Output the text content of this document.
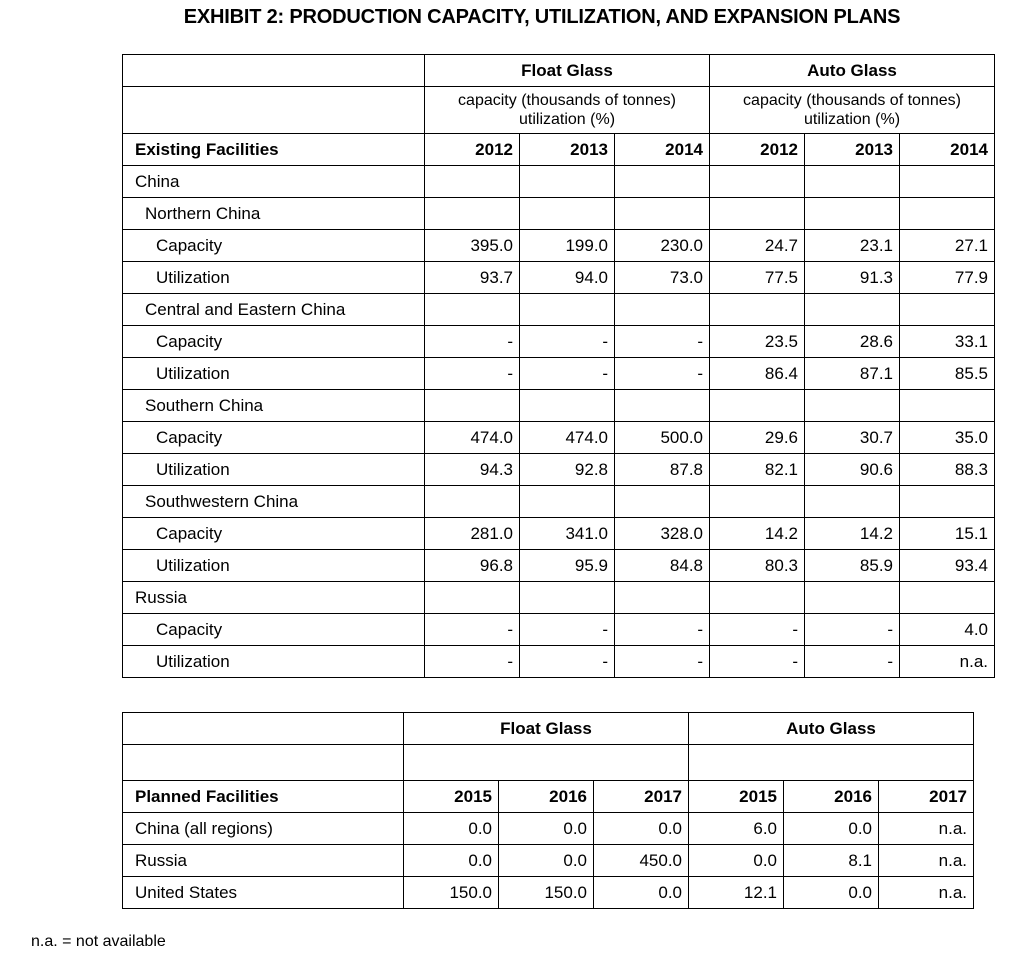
EXHIBIT 2: PRODUCTION CAPACITY, UTILIZATION, AND EXPANSION PLANS
	Float Glass			Auto Glass		

capacity (thousands of tonnes)
utilization (%)

capacity (thousands of tonnes)
utilization (%)

Existing Facilities	2012	2013	2014	2012	2013	2014
China						
Northern China						
Capacity	395.0	199.0	230.0	24.7	23.1	27.1
Utilization	93.7	94.0	73.0	77.5	91.3	77.9
Central and Eastern China						
Capacity	-	-	-	23.5	28.6	33.1
Utilization	-	-	-	86.4	87.1	85.5
Southern China						
Capacity	474.0	474.0	500.0	29.6	30.7	35.0
Utilization	94.3	92.8	87.8	82.1	90.6	88.3
Southwestern China						
Capacity	281.0	341.0	328.0	14.2	14.2	15.1
Utilization	96.8	95.9	84.8	80.3	85.9	93.4
Russia						
Capacity	-	-	-	-	-	4.0
Utilization	-	-	-	-	-	n.a.
	Float Glass			Auto Glass		

Planned Facilities	2015	2016	2017	2015	2016	2017
China (all regions)	0.0	0.0	0.0	6.0	0.0	n.a.
Russia	0.0	0.0	450.0	0.0	8.1	n.a.
United States	150.0	150.0	0.0	12.1	0.0	n.a.
n.a. = not available
